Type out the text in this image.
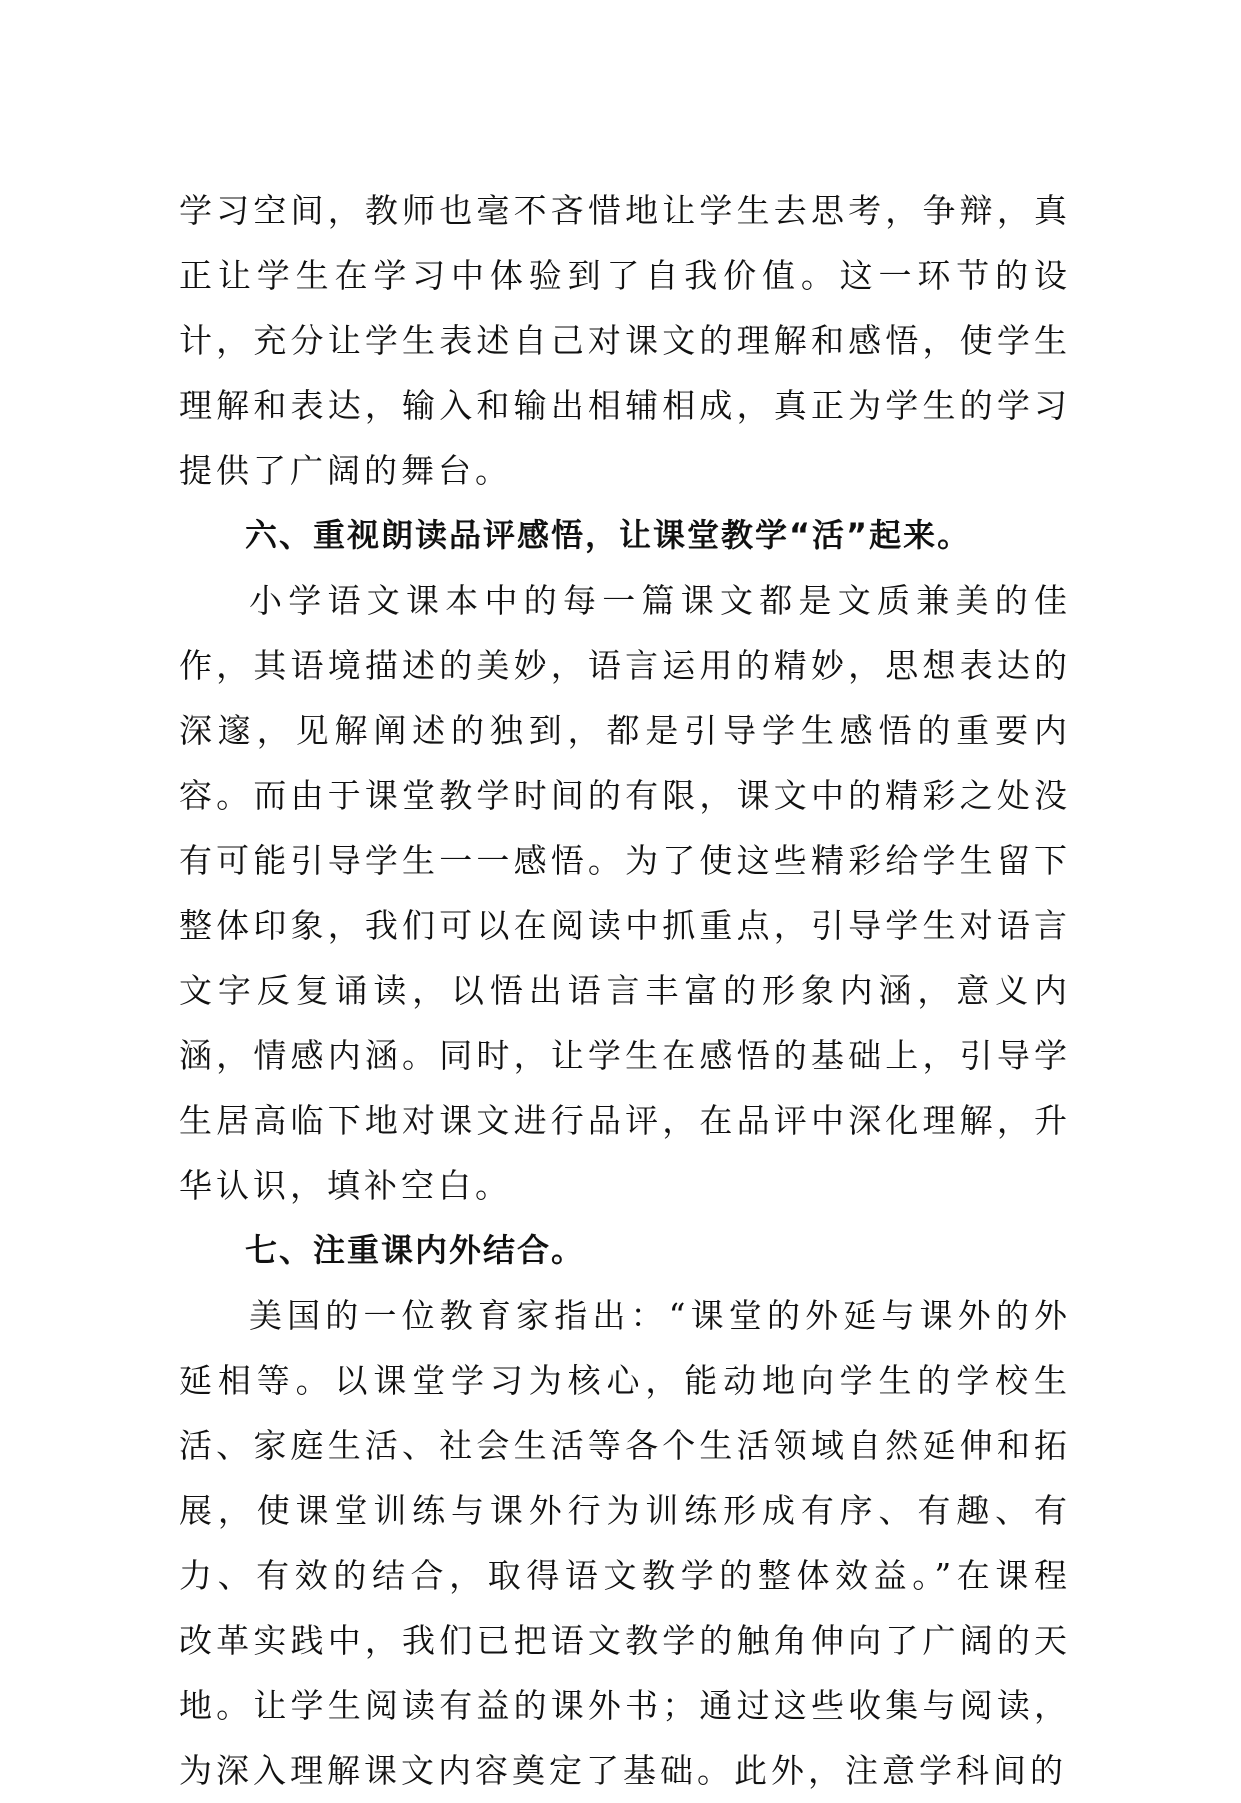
学习空间，教师也毫不吝惜地让学生去思考，争辩，真正让学生在学习中体验到了自我价值。这一环节的设计，充分让学生表述自己对课文的理解和感悟，使学生理解和表达，输入和输出相辅相成，真正为学生的学习提供了广阔的舞台。

六、重视朗读品评感悟，让课堂教学“活”起来。

小学语文课本中的每一篇课文都是文质兼美的佳作，其语境描述的美妙，语言运用的精妙，思想表达的深邃，见解阐述的独到，都是引导学生感悟的重要内容。而由于课堂教学时间的有限，课文中的精彩之处没有可能引导学生一一感悟。为了使这些精彩给学生留下整体印象，我们可以在阅读中抓重点，引导学生对语言文字反复诵读，以悟出语言丰富的形象内涵，意义内涵，情感内涵。同时，让学生在感悟的基础上，引导学生居高临下地对课文进行品评，在品评中深化理解，升华认识，填补空白。

七、注重课内外结合。

美国的一位教育家指出：“课堂的外延与课外的外延相等。以课堂学习为核心，能动地向学生的学校生活、家庭生活、社会生活等各个生活领域自然延伸和拓展，使课堂训练与课外行为训练形成有序、有趣、有力、有效的结合，取得语文教学的整体效益。”在课程改革实践中，我们已把语文教学的触角伸向了广阔的天地。让学生阅读有益的课外书；通过这些收集与阅读，为深入理解课文内容奠定了基础。此外，注意学科间的
